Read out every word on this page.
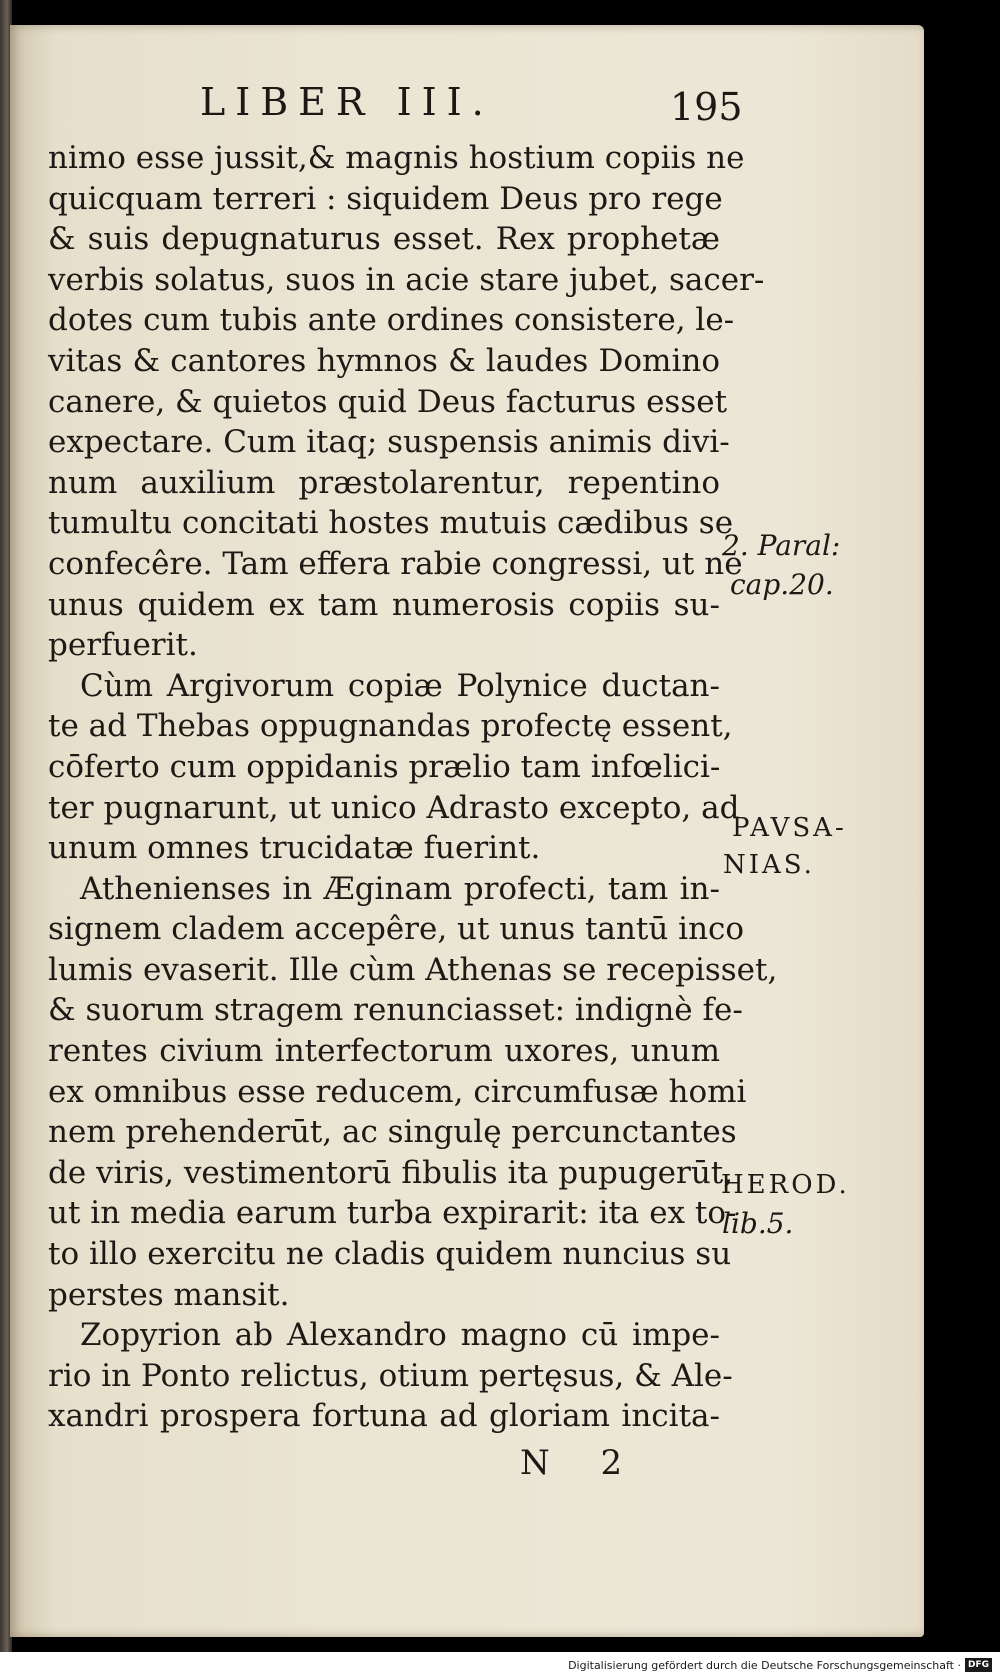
LIBER III.	195
nimo esse jussit,& magnis hostium copiis ne
quicquam terreri : siquidem Deus pro rege
& suis depugnaturus esset. Rex prophetæ
verbis solatus, suos in acie stare jubet, sacer-
dotes cum tubis ante ordines consistere, le-
vitas & cantores hymnos & laudes Domino
canere, & quietos quid Deus facturus esset
expectare. Cum itaq; suspensis animis divi-
num auxilium præstolarentur, repentino
tumultu concitati hostes mutuis cædibus se
confecêre. Tam effera rabie congressi, ut ne
unus quidem ex tam numerosis copiis su-
perfuerit.
Cùm Argivorum copiæ Polynice ductan-
te ad Thebas oppugnandas profectę essent,
cōferto cum oppidanis prælio tam infœlici-
ter pugnarunt, ut unico Adrasto excepto, ad
unum omnes trucidatæ fuerint.
Athenienses in Æginam profecti, tam in-
signem cladem accepêre, ut unus tantū inco
lumis evaserit. Ille cùm Athenas se recepisset,
& suorum stragem renunciasset: indignè fe-
rentes civium interfectorum uxores, unum
ex omnibus esse reducem, circumfusæ homi
nem prehenderūt, ac singulę percunctantes
de viris, vestimentorū fibulis ita pupugerūt,
ut in media earum turba expirarit: ita ex to-
to illo exercitu ne cladis quidem nuncius su
perstes mansit.
Zopyrion ab Alexandro magno cū impe-
rio in Ponto relictus, otium pertęsus, & Ale-
xandri prospera fortuna ad gloriam incita-
2. Paral:
cap.20.
PAVSA-
NIAS.
HEROD.
lib.5.
N 2
Digitalisierung gefördert durch die Deutsche Forschungsgemeinschaft · DFG
